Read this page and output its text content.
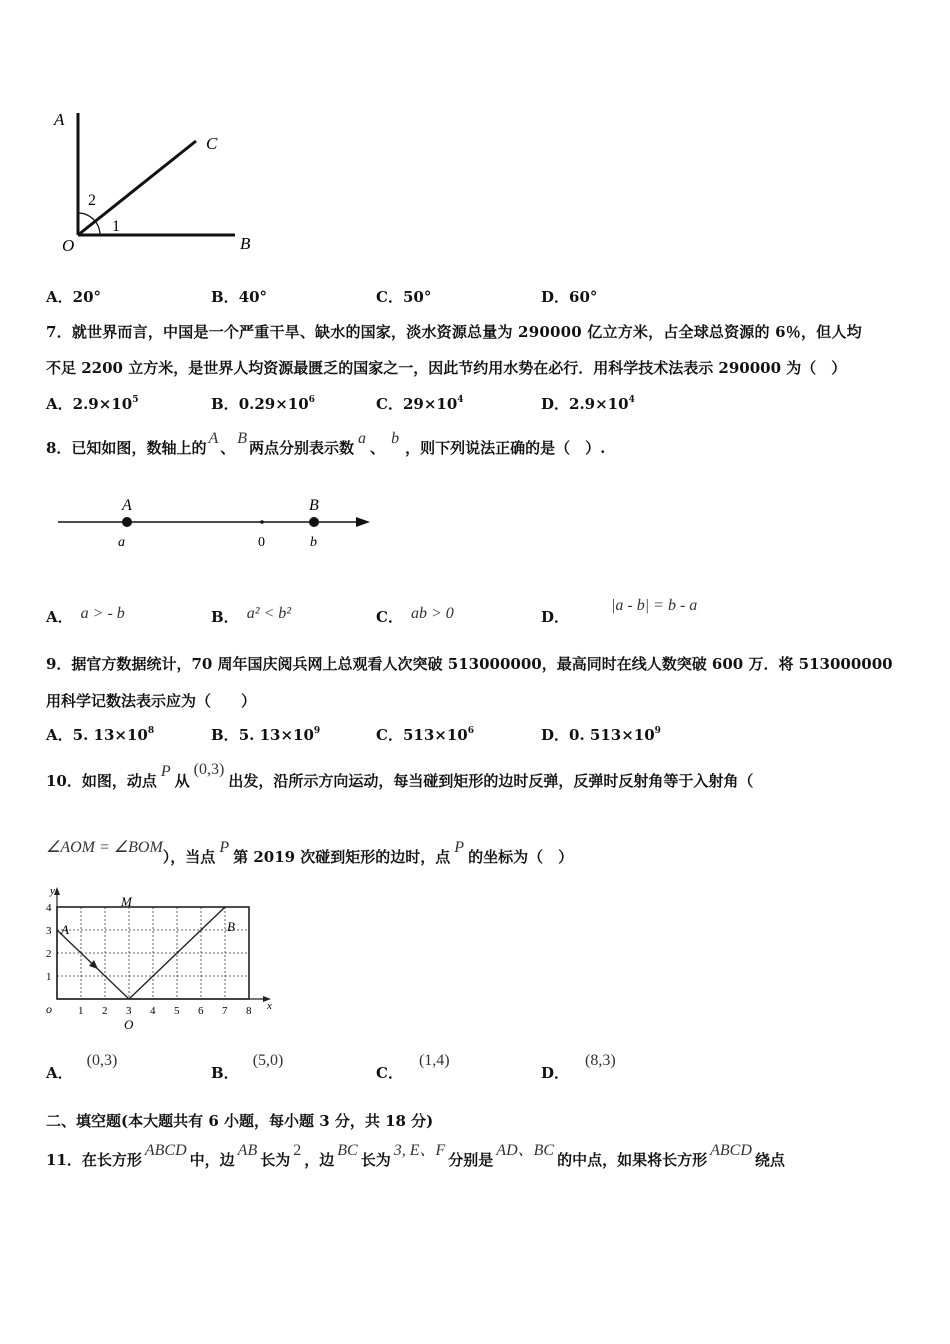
A
C
O	B
2
1
A．20°	B．40°	C．50°	D．60°
7．就世界而言，中国是一个严重干旱、缺水的国家，淡水资源总量为 290000 亿立方米，占全球总资源的 6％，但人均
不足 2200 立方米，是世界人均资源最匮乏的国家之一，因此节约用水势在必行．用科学技术法表示 290000 为（　）
A．$2.9\times 10^5$	B．$0.29\times 10^6$	C．$29\times 10^4$	D．$2.9\times 10^4$
8．已知如图，数轴上的A、B两点分别表示数a、b，则下列说法正确的是（　）.
A	B
a	0	b
A． a > - b	B． a² < b²	C． ab > 0	D．|a - b| = b - a
9．据官方数据统计，70 周年国庆阅兵网上总观看人次突破 513000000，最高同时在线人数突破 600 万．将 513000000
用科学记数法表示应为（　　）
A．5. $13\times 10^8$	B．5. $13\times 10^9$	C．$513\times 10^6$	D．0. $513\times 10^9$
10．如图，动点P从(0,3)出发，沿所示方向运动，每当碰到矩形的边时反弹，反弹时反射角等于入射角（
∠AOM = ∠BOM），当点P第 2019 次碰到矩形的边时，点P的坐标为（　）
y
x
o
A	B
M
O
1 2 3 4 5 6 7 8
1
2
3
4
A．(0,3)
B．(5,0)
C．(1,4)
D．(8,3)
二、填空题(本大题共有 6 小题，每小题 3 分，共 18 分)
11．在长方形ABCD中，边AB长为2，边BC长为3, E、F分别是AD、BC的中点，如果将长方形ABCD绕点
